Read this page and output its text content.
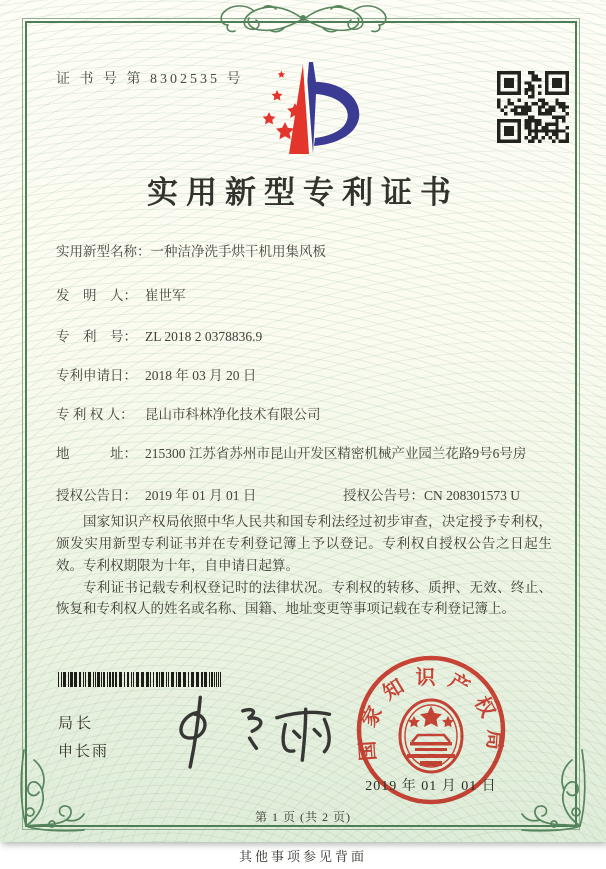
证 书 号 第 8302535 号
实用新型专利证书
实用新型名称：一种洁净洗手烘干机用集风板
发　明　人： 崔世军
专　利　号： ZL 2018 2 0378836.9
专利申请日： 2018 年 03 月 20 日
专 利 权 人： 昆山市科林净化技术有限公司
地　　　址： 215300 江苏省苏州市昆山开发区精密机械产业园兰花路9号6号房
授权公告日： 2019 年 01 月 01 日	授权公告号：CN 208301573 U

国家知识产权局依照中华人民共和国专利法经过初步审查，决定授予专利权，颁发实用新型专利证书并在专利登记簿上予以登记。专利权自授权公告之日起生效。专利权期限为十年，自申请日起算。

专利证书记载专利权登记时的法律状况。专利权的转移、质押、无效、终止、恢复和专利权人的姓名或名称、国籍、地址变更等事项记载在专利登记簿上。

局长
申长雨	国家知识产权局
2019 年 01 月 01 日
第 1 页 (共 2 页)
其他事项参见背面
